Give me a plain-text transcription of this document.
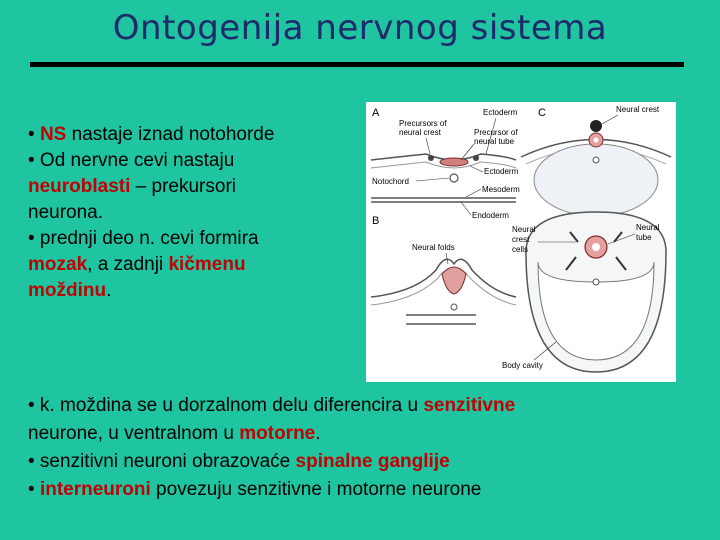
Ontogenija nervnog sistema
• NS nastaje iznad notohorde
• Od nervne cevi nastaju
neuroblasti – prekursori
neurona.
• prednji deo n. cevi formira
mozak, a zadnji kičmenu
moždinu.
A
Precursors of
neural crest
Ectoderm
Precursor of
neural tube
Notochord
Ectoderm
Mesoderm
Endoderm
B
Neural folds
C	Neural crest
Neural
crest
cells
Neural
tube
Body cavity
• k. moždina se u dorzalnom delu diferencira u senzitivne
neurone, u ventralnom u motorne.
• senzitivni neuroni obrazovaće spinalne ganglije
• interneuroni povezuju senzitivne i motorne neurone
